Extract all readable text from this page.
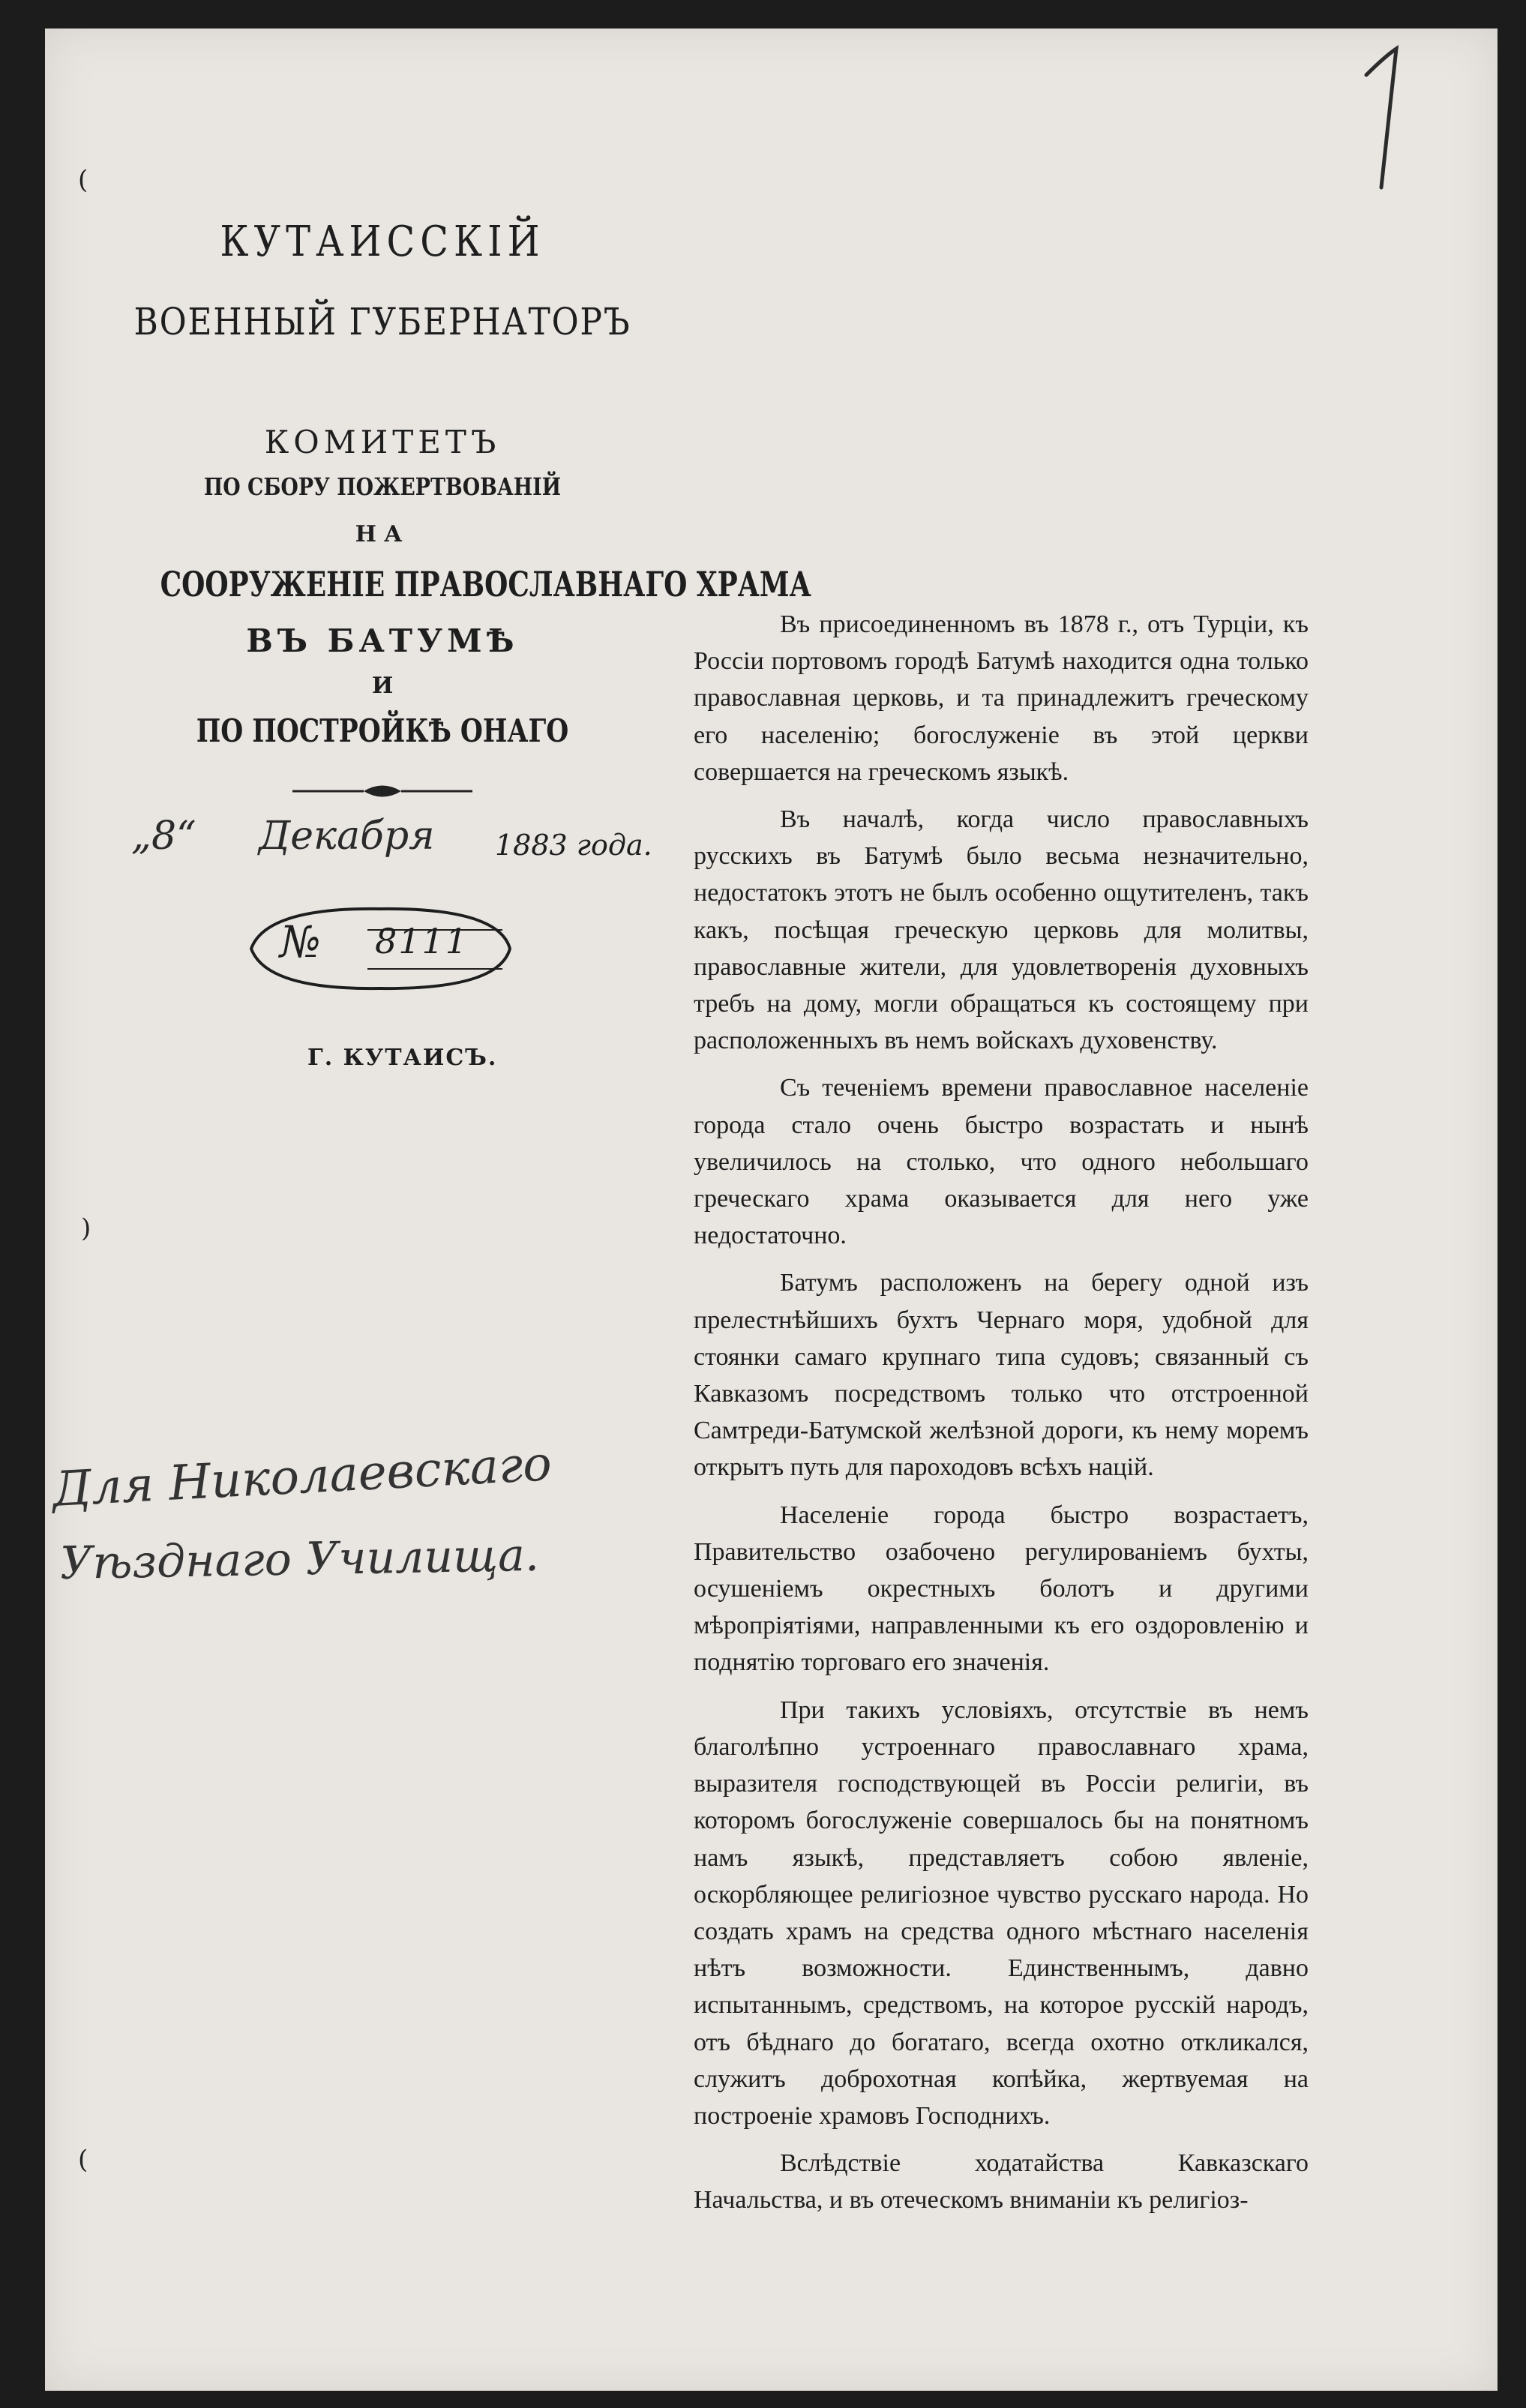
1
(
)
(
КУТАИССКІЙ
ВОЕННЫЙ ГУБЕРНАТОРЪ
КОМИТЕТЪ
ПО СБОРУ ПОЖЕРТВОВАНІЙ
НА
СООРУЖЕНІЕ ПРАВОСЛАВНАГО ХРАМА
ВЪ БАТУМѢ
И
ПО ПОСТРОЙКѢ ОНАГО
„8“ Декабря 1883 года.
№ 8111
Г. КУТАИСЪ.
Для Николаевскаго
Уѣзднаго Училища.

Въ присоединенномъ въ 1878 г., отъ Турціи, къ Россіи портовомъ городѣ Батумѣ находится одна только православная церковь, и та принадлежитъ греческому его населенію; богослуженіе въ этой церкви совершается на греческомъ языкѣ.

Въ началѣ, когда число православныхъ русскихъ въ Батумѣ было весьма незначительно, недостатокъ этотъ не былъ особенно ощутителенъ, такъ какъ, посѣщая греческую церковь для молитвы, православные жители, для удовлетворенія духовныхъ требъ на дому, могли обращаться къ состоящему при расположенныхъ въ немъ войскахъ духовенству.

Съ теченіемъ времени православное населеніе города стало очень быстро возрастать и нынѣ увеличилось на столько, что одного небольшаго греческаго храма оказывается для него уже недостаточно.

Батумъ расположенъ на берегу одной изъ прелестнѣйшихъ бухтъ Чернаго моря, удобной для стоянки самаго крупнаго типа судовъ; связанный съ Кавказомъ посредствомъ только что отстроенной Самтреди-Батумской желѣзной дороги, къ нему моремъ открытъ путь для пароходовъ всѣхъ націй.

Населеніе города быстро возрастаетъ, Правительство озабочено регулированіемъ бухты, осушеніемъ окрестныхъ болотъ и другими мѣропріятіями, направленными къ его оздоровленію и поднятію торговаго его значенія.

При такихъ условіяхъ, отсутствіе въ немъ благолѣпно устроеннаго православнаго храма, выразителя господствующей въ Россіи религіи, въ которомъ богослуженіе совершалось бы на понятномъ намъ языкѣ, представляетъ собою явленіе, оскорбляющее религіозное чувство русскаго народа. Но создать храмъ на средства одного мѣстнаго населенія нѣтъ возможности. Единственнымъ, давно испытаннымъ, средствомъ, на которое русскій народъ, отъ бѣднаго до богатаго, всегда охотно откликался, служитъ доброхотная копѣйка, жертвуемая на построеніе храмовъ Господнихъ.

Вслѣдствіе ходатайства Кавказскаго Начальства, и въ отеческомъ вниманіи къ религіоз-
